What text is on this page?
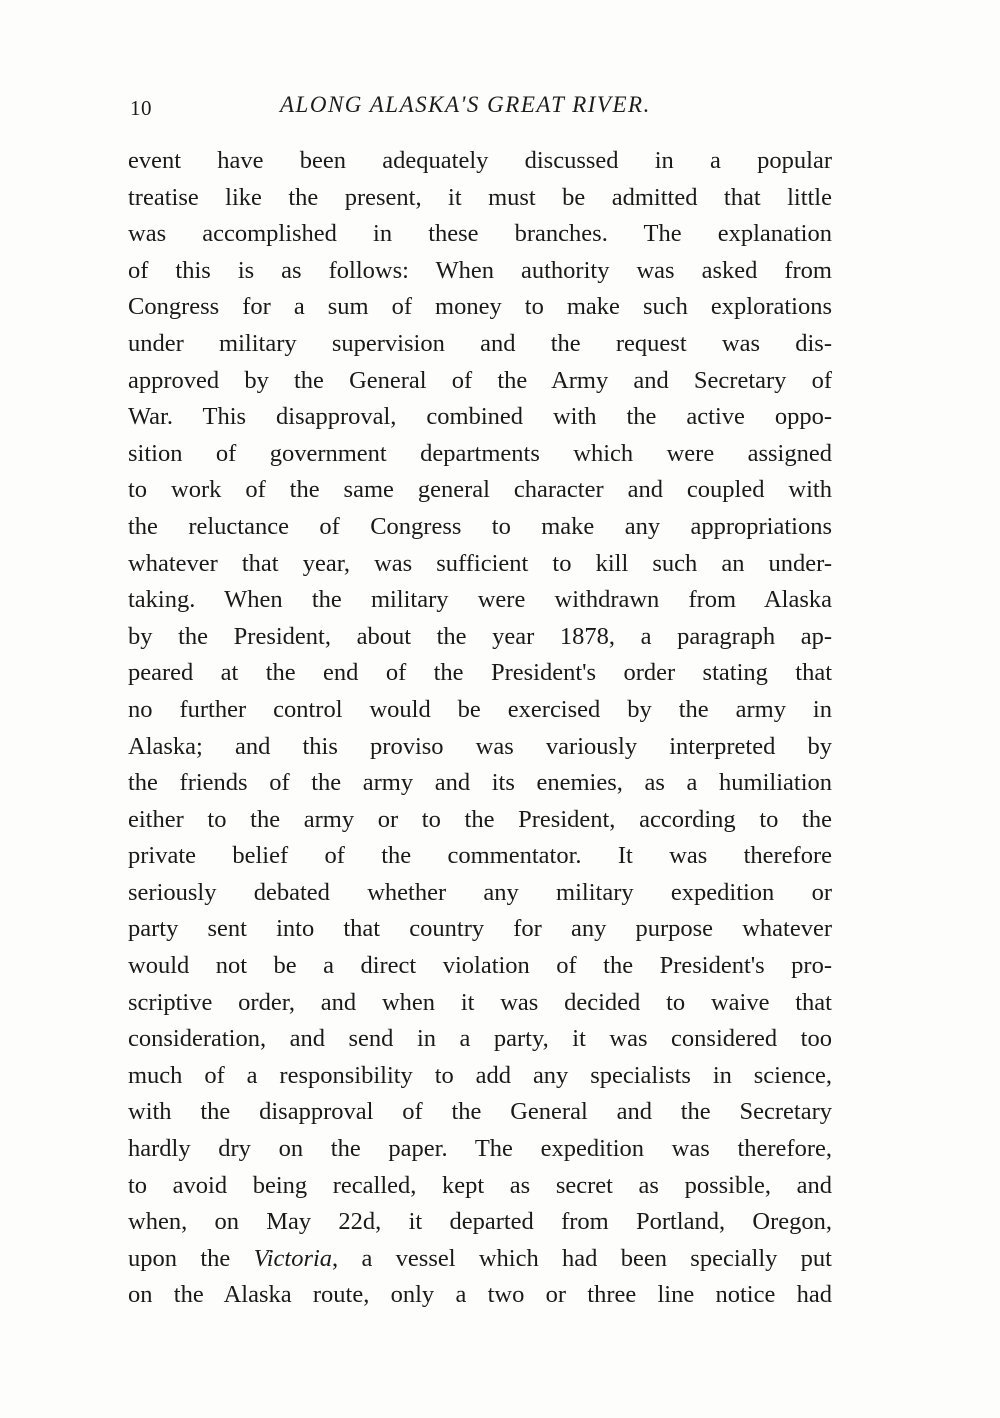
10	ALONG ALASKA'S GREAT RIVER.
event have been adequately discussed in a popular
treatise like the present, it must be admitted that little
was accomplished in these branches. The explanation
of this is as follows: When authority was asked from
Congress for a sum of money to make such explorations
under military supervision and the request was dis-
approved by the General of the Army and Secretary of
War. This disapproval, combined with the active oppo-
sition of government departments which were assigned
to work of the same general character and coupled with
the reluctance of Congress to make any appropriations
whatever that year, was sufficient to kill such an under-
taking. When the military were withdrawn from Alaska
by the President, about the year 1878, a paragraph ap-
peared at the end of the President's order stating that
no further control would be exercised by the army in
Alaska; and this proviso was variously interpreted by
the friends of the army and its enemies, as a humiliation
either to the army or to the President, according to the
private belief of the commentator. It was therefore
seriously debated whether any military expedition or
party sent into that country for any purpose whatever
would not be a direct violation of the President's pro-
scriptive order, and when it was decided to waive that
consideration, and send in a party, it was considered too
much of a responsibility to add any specialists in science,
with the disapproval of the General and the Secretary
hardly dry on the paper. The expedition was therefore,
to avoid being recalled, kept as secret as possible, and
when, on May 22d, it departed from Portland, Oregon,
upon the Victoria, a vessel which had been specially put
on the Alaska route, only a two or three line notice had
